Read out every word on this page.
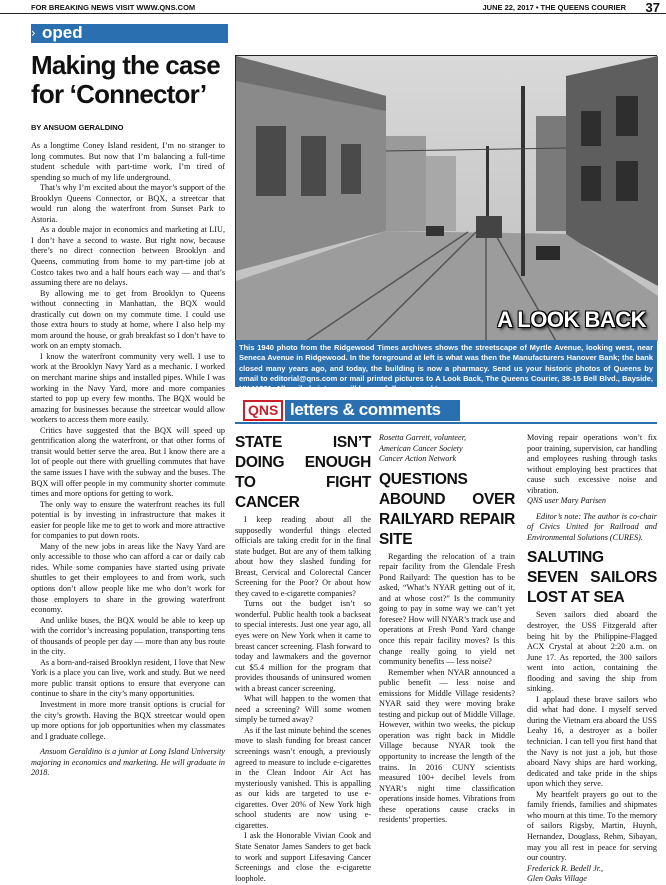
FOR BREAKING NEWS VISIT WWW.QNS.COM	JUNE 22, 2017 • THE QUEENS COURIER 37
› oped
Making the case for ‘Connector’
BY ANSUOM GERALDINO

As a longtime Coney Island resident, I’m no stranger to long commutes. But now that I’m balancing a full-time student schedule with part-time work, I’m tired of spending so much of my life underground.

That’s why I’m excited about the mayor’s support of the Brooklyn Queens Connector, or BQX, a streetcar that would run along the waterfront from Sunset Park to Astoria.

As a double major in economics and marketing at LIU, I don’t have a second to waste. But right now, because there’s no direct connection between Brooklyn and Queens, commuting from home to my part-time job at Costco takes two and a half hours each way — and that’s assuming there are no delays.

By allowing me to get from Brooklyn to Queens without connecting in Manhattan, the BQX would drastically cut down on my commute time. I could use those extra hours to study at home, where I also help my mom around the house, or grab breakfast so I don’t have to work on an empty stomach.

I know the waterfront community very well. I use to work at the Brooklyn Navy Yard as a mechanic. I worked on merchant marine ships and installed pipes. While I was working in the Navy Yard, more and more companies started to pop up every few months. The BQX would be amazing for businesses because the streetcar would allow workers to access them more easily.

Critics have suggested that the BQX will speed up gentrification along the waterfront, or that other forms of transit would better serve the area. But I know there are a lot of people out there with gruelling commutes that have the same issues I have with the subway and the buses. The BQX will offer people in my community shorter commute times and more options for getting to work.

The only way to ensure the waterfront reaches its full potential is by investing in infrastructure that makes it easier for people like me to get to work and more attractive for companies to put down roots.

Many of the new jobs in areas like the Navy Yard are only accessible to those who can afford a car or daily cab rides. While some companies have started using private shuttles to get their employees to and from work, such options don’t allow people like me who don’t work for those employers to share in the growing waterfront economy.

And unlike buses, the BQX would be able to keep up with the corridor’s increasing population, transporting tens of thousands of people per day — more than any bus route in the city.

As a born-and-raised Brooklyn resident, I love that New York is a place you can live, work and study. But we need more public transit options to ensure that everyone can continue to share in the city’s many opportunities.

Investment in more more transit options is crucial for the city’s growth. Having the BQX streetcar would open up more options for job opportunities when my classmates and I graduate college.

Ansuom Geraldino is a junior at Long Island University majoring in economics and marketing. He will graduate in 2018.

A LOOK BACK
This 1940 photo from the Ridgewood Times archives shows the streetscape of Myrtle Avenue, looking west, near Seneca Avenue in Ridgewood. In the foreground at left is what was then the Manufacturers Hanover Bank; the bank closed many years ago, and today, the building is now a pharmacy. Send us your historic photos of Queens by email to editorial@qns.com or mail printed pictures to A Look Back, The Queens Courier, 38-15 Bell Blvd., Bayside, NY 11361. All mailed pictures will be carefully returned to you.
QNS letters & comments
STATE ISN’T DOING ENOUGH TO FIGHT CANCER

I keep reading about all the supposedly wonderful things elected officials are taking credit for in the final state budget. But are any of them talking about how they slashed funding for Breast, Cervical and Colorectal Cancer Screening for the Poor? Or about how they caved to e-cigarette companies?

Turns out the budget isn’t so wonderful. Public health took a backseat to special interests. Just one year ago, all eyes were on New York when it came to breast cancer screening. Flash forward to today and lawmakers and the governor cut $5.4 million for the program that provides thousands of uninsured women with a breast cancer screening.

What will happen to the women that need a screening? Will some women simply be turned away?

As if the last minute behind the scenes move to slash funding for breast cancer screenings wasn’t enough, a previously agreed to measure to include e-cigarettes in the Clean Indoor Air Act has mysteriously vanished. This is appalling as our kids are targeted to use e-cigarettes. Over 20% of New York high school students are now using e-cigarettes.

I ask the Honorable Vivian Cook and State Senator James Sanders to get back to work and support Lifesaving Cancer Screenings and close the e-cigarette loophole.

Rosetta Garrett, volunteer,

American Cancer Society

Cancer Action Network

QUESTIONS ABOUND OVER RAILYARD REPAIR SITE

Regarding the relocation of a train repair facility from the Glendale Fresh Pond Railyard: The question has to be asked, “What’s NYAR getting out of it, and at whose cost?” Is the community going to pay in some way we can’t yet foresee? How will NYAR’s track use and operations at Fresh Pond Yard change once this repair facility moves? Is this change really going to yield net community benefits — less noise?

Remember when NYAR announced a public benefit — less noise and emissions for Middle Village residents? NYAR said they were moving brake testing and pickup out of Middle Village. However, within two weeks, the pickup operation was right back in Middle Village because NYAR took the opportunity to increase the length of the trains. In 2016 CUNY scientists measured 100+ decibel levels from NYAR’s night time classification operations inside homes. Vibrations from these operations cause cracks in residents’ properties.

Moving repair operations won’t fix poor training, supervision, car handling and employees rushing through tasks without employing best practices that cause such excessive noise and vibration.

QNS user Mary Parisen

Editor’s note: The author is co-chair of Civics United for Railroad and Environmental Solutions (CURES).

SALUTING SEVEN SAILORS LOST AT SEA

Seven sailors died aboard the destroyer, the USS Fitzgerald after being hit by the Philippine-Flagged ACX Crystal at about 2:20 a.m. on June 17. As reported, the 300 sailors went into action, containing the flooding and saving the ship from sinking.

I applaud these brave sailors who did what had done. I myself served during the Vietnam era aboard the USS Leahy 16, a destroyer as a boiler technician. I can tell you first hand that the Navy is not just a job, but those aboard Navy ships are hard working, dedicated and take pride in the ships upon which they serve.

My heartfelt prayers go out to the family friends, families and shipmates who mourn at this time. To the memory of sailors Rigsby, Martin, Huynh, Hernandez, Douglass, Rehm, Sibayan, may you all rest in peace for serving our country.

Frederick R. Bedell Jr.,

Glen Oaks Village
